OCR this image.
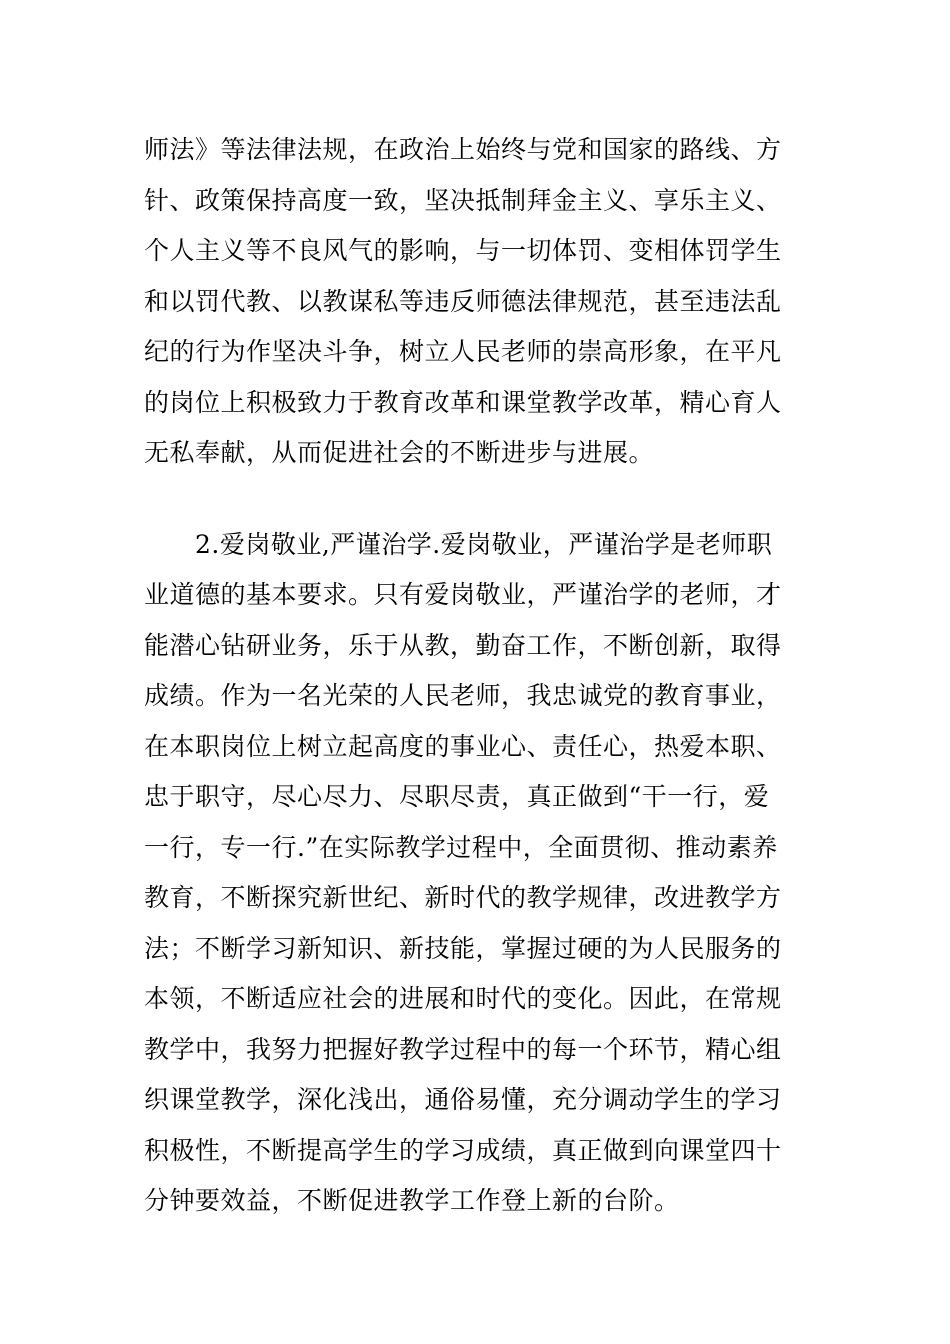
师法》等法律法规，在政治上始终与党和国家的路线、方

针、政策保持高度一致，坚决抵制拜金主义、享乐主义、

个人主义等不良风气的影响，与一切体罚、变相体罚学生

和以罚代教、以教谋私等违反师德法律规范，甚至违法乱

纪的行为作坚决斗争，树立人民老师的崇高形象，在平凡

的岗位上积极致力于教育改革和课堂教学改革，精心育人

无私奉献，从而促进社会的不断进步与进展。

2.爱岗敬业,严谨治学.爱岗敬业，严谨治学是老师职

业道德的基本要求。只有爱岗敬业，严谨治学的老师，才

能潜心钻研业务，乐于从教，勤奋工作，不断创新，取得

成绩。作为一名光荣的人民老师，我忠诚党的教育事业，

在本职岗位上树立起高度的事业心、责任心，热爱本职、

忠于职守，尽心尽力、尽职尽责，真正做到“干一行，爱

一行，专一行.”在实际教学过程中，全面贯彻、推动素养

教育，不断探究新世纪、新时代的教学规律，改进教学方

法；不断学习新知识、新技能，掌握过硬的为人民服务的

本领，不断适应社会的进展和时代的变化。因此，在常规

教学中，我努力把握好教学过程中的每一个环节，精心组

织课堂教学，深化浅出，通俗易懂，充分调动学生的学习

积极性，不断提高学生的学习成绩，真正做到向课堂四十

分钟要效益，不断促进教学工作登上新的台阶。
